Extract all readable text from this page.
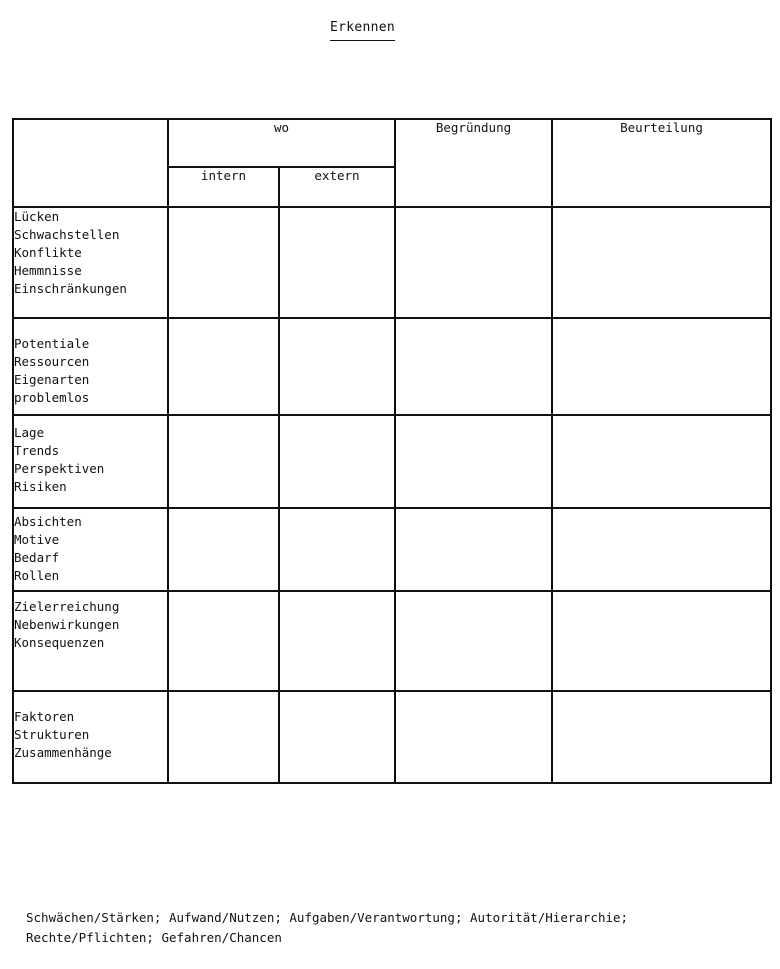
Erkennen
	wo		Begründung	Beurteilung
	intern	extern		

Lücken
Schwachstellen
Konflikte
Hemmnisse
Einschränkungen				

Potentiale
Ressourcen
Eigenarten
problemlos				

Lage
Trends
Perspektiven
Risiken				

Absichten
Motive
Bedarf
Rollen				

Zielerreichung
Nebenwirkungen
Konsequenzen				

Faktoren
Strukturen
Zusammenhänge				

Schwächen/Stärken; Aufwand/Nutzen; Aufgaben/Verantwortung; Autorität/Hierarchie;
Rechte/Pflichten; Gefahren/Chancen
